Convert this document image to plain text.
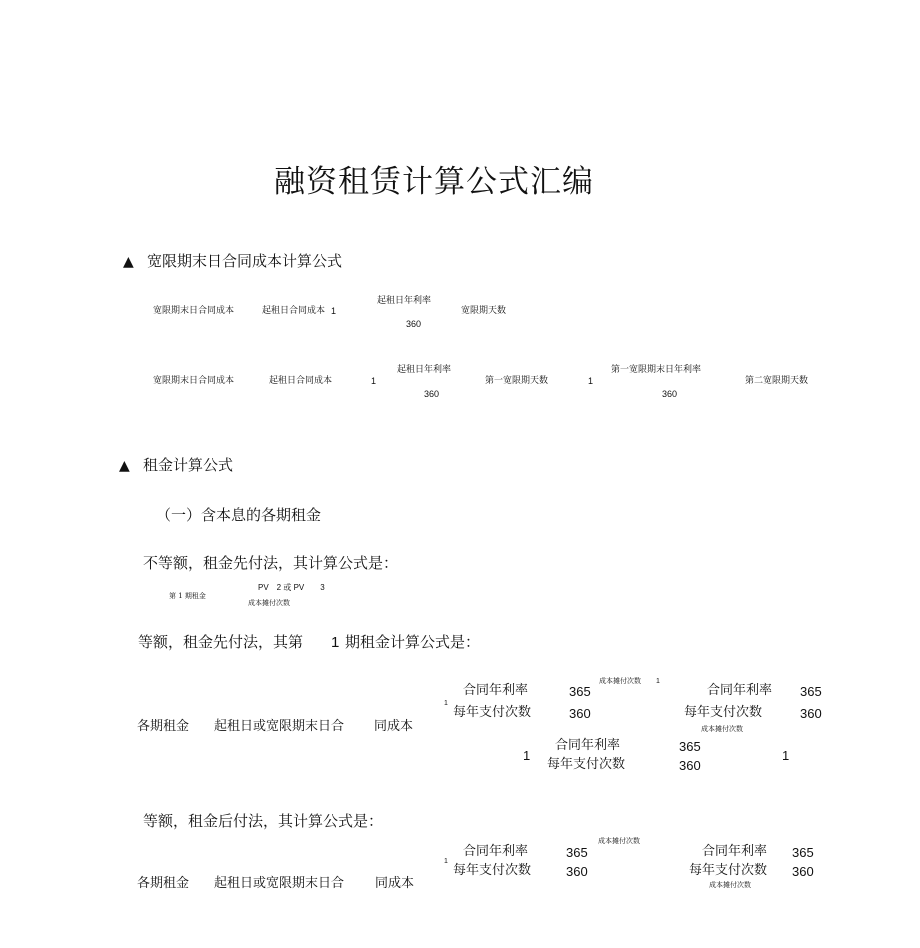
融资租赁计算公式汇编
▲ 宽限期末日合同成本计算公式
宽限期末日合同成本	起租日合同成本 1
起租日年利率
360
宽限期天数
宽限期末日合同成本	起租日合同成本	1
起租日年利率
360
第一宽限期天数	1
第一宽限期末日年利率
360
第二宽限期天数
▲ 租金计算公式
（一）含本息的各期租金
不等额，租金先付法，其计算公式是：
第 1 期租金
PV　2 或 PV　　3
成本摊付次数
等额，租金先付法，其第 1 期租金计算公式是：
各期租金 起租日或宽限期末日合 同成本
成本摊付次数 1
1
合同年利率	365
每年支付次数	360
合同年利率 365
每年支付次数	360
成本摊付次数
1
合同年利率	365
每年支付次数	360
1
等额，租金后付法，其计算公式是：
各期租金 起租日或宽限期末日合 同成本
成本摊付次数
1
合同年利率	365
每年支付次数	360
合同年利率 365
每年支付次数 360
成本摊付次数
